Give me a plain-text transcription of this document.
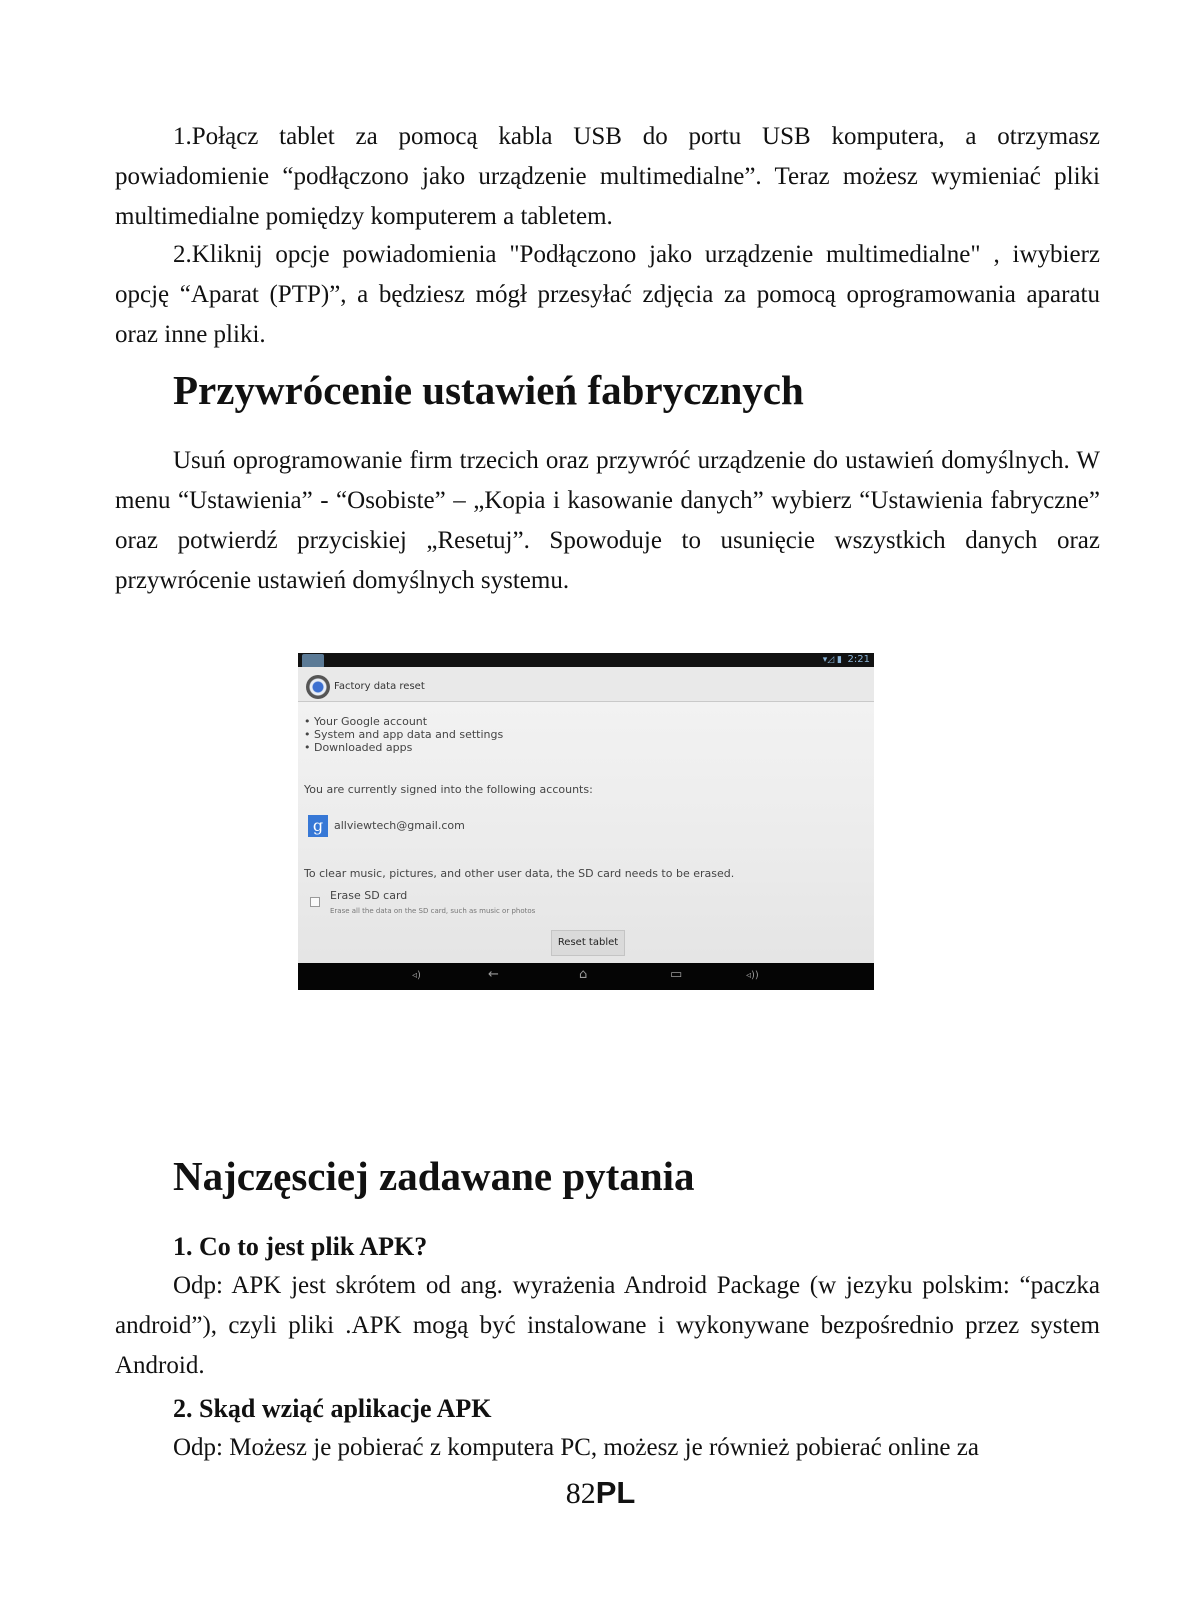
1.Połącz tablet za pomocą kabla USB do portu USB komputera, a otrzymasz powiadomienie “podłączono jako urządzenie multimedialne”. Teraz możesz wymieniać pliki multimedialne pomiędzy komputerem a tabletem.

2.Kliknij opcje powiadomienia "Podłączono jako urządzenie multimedialne" , iwybierz opcję “Aparat (PTP)”, a będziesz mógł przesyłać zdjęcia za pomocą oprogramowania aparatu oraz inne pliki.

Przywrócenie ustawień fabrycznych

Usuń oprogramowanie firm trzecich oraz przywróć urządzenie do ustawień domyślnych. W menu “Ustawienia” - “Osobiste” – „Kopia i kasowanie danych” wybierz “Ustawienia fabryczne” oraz potwierdź przyciskiej „Resetuj”. Spowoduje to usunięcie wszystkich danych oraz przywrócenie ustawień domyślnych systemu.

▾◿ ▮ 2:21
Factory data reset
• Your Google account
• System and app data and settings
• Downloaded apps
You are currently signed into the following accounts:
g allviewtech@gmail.com
To clear music, pictures, and other user data, the SD card needs to be erased.
Erase SD card
Erase all the data on the SD card, such as music or photos
Reset tablet
◃)	←	⌂	▭	◃))
Najczęsciej zadawane pytania
1. Co to jest plik APK?

Odp: APK jest skrótem od ang. wyrażenia Android Package (w jezyku polskim: “paczka android”), czyli pliki .APK mogą być instalowane i wykonywane bezpośrednio przez system Android.

2. Skąd wziąć aplikacje APK

Odp: Możesz je pobierać z komputera PC, możesz je również pobierać online za

82PL
